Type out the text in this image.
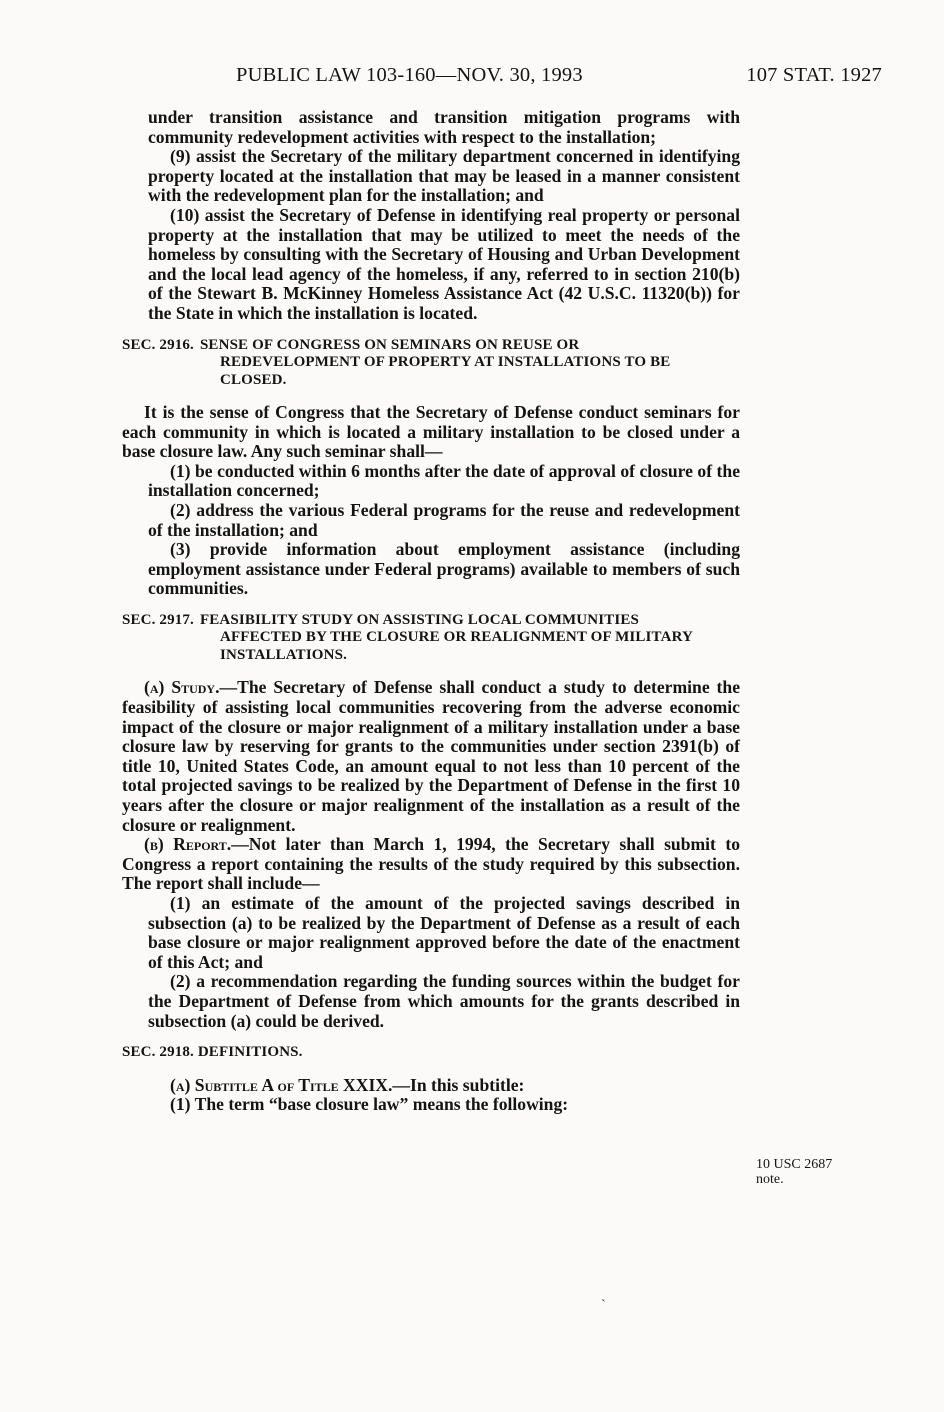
PUBLIC LAW 103-160—NOV. 30, 1993	107 STAT. 1927

under transition assistance and transition mitigation programs with community redevelopment activities with respect to the installation;

(9) assist the Secretary of the military department concerned in identifying property located at the installation that may be leased in a manner consistent with the redevelopment plan for the installation; and

(10) assist the Secretary of Defense in identifying real property or personal property at the installation that may be utilized to meet the needs of the homeless by consulting with the Secretary of Housing and Urban Development and the local lead agency of the homeless, if any, referred to in section 210(b) of the Stewart B. McKinney Homeless Assistance Act (42 U.S.C. 11320(b)) for the State in which the installation is located.

SEC. 2916. SENSE OF CONGRESS ON SEMINARS ON REUSE OR
REDEVELOPMENT OF PROPERTY AT INSTALLATIONS TO BE CLOSED.

It is the sense of Congress that the Secretary of Defense conduct seminars for each community in which is located a military installation to be closed under a base closure law. Any such seminar shall—

(1) be conducted within 6 months after the date of approval of closure of the installation concerned;

(2) address the various Federal programs for the reuse and redevelopment of the installation; and

(3) provide information about employment assistance (including employment assistance under Federal programs) available to members of such communities.

SEC. 2917. FEASIBILITY STUDY ON ASSISTING LOCAL COMMUNITIES
AFFECTED BY THE CLOSURE OR REALIGNMENT OF MILITARY INSTALLATIONS.

(a) Study.—The Secretary of Defense shall conduct a study to determine the feasibility of assisting local communities recovering from the adverse economic impact of the closure or major realignment of a military installation under a base closure law by reserving for grants to the communities under section 2391(b) of title 10, United States Code, an amount equal to not less than 10 percent of the total projected savings to be realized by the Department of Defense in the first 10 years after the closure or major realignment of the installation as a result of the closure or realignment.

(b) Report.—Not later than March 1, 1994, the Secretary shall submit to Congress a report containing the results of the study required by this subsection. The report shall include—

(1) an estimate of the amount of the projected savings described in subsection (a) to be realized by the Department of Defense as a result of each base closure or major realignment approved before the date of the enactment of this Act; and

(2) a recommendation regarding the funding sources within the budget for the Department of Defense from which amounts for the grants described in subsection (a) could be derived.

SEC. 2918. DEFINITIONS.

(a) Subtitle A of Title XXIX.—In this subtitle:

(1) The term “base closure law” means the following:

10 USC 2687
note.
`
